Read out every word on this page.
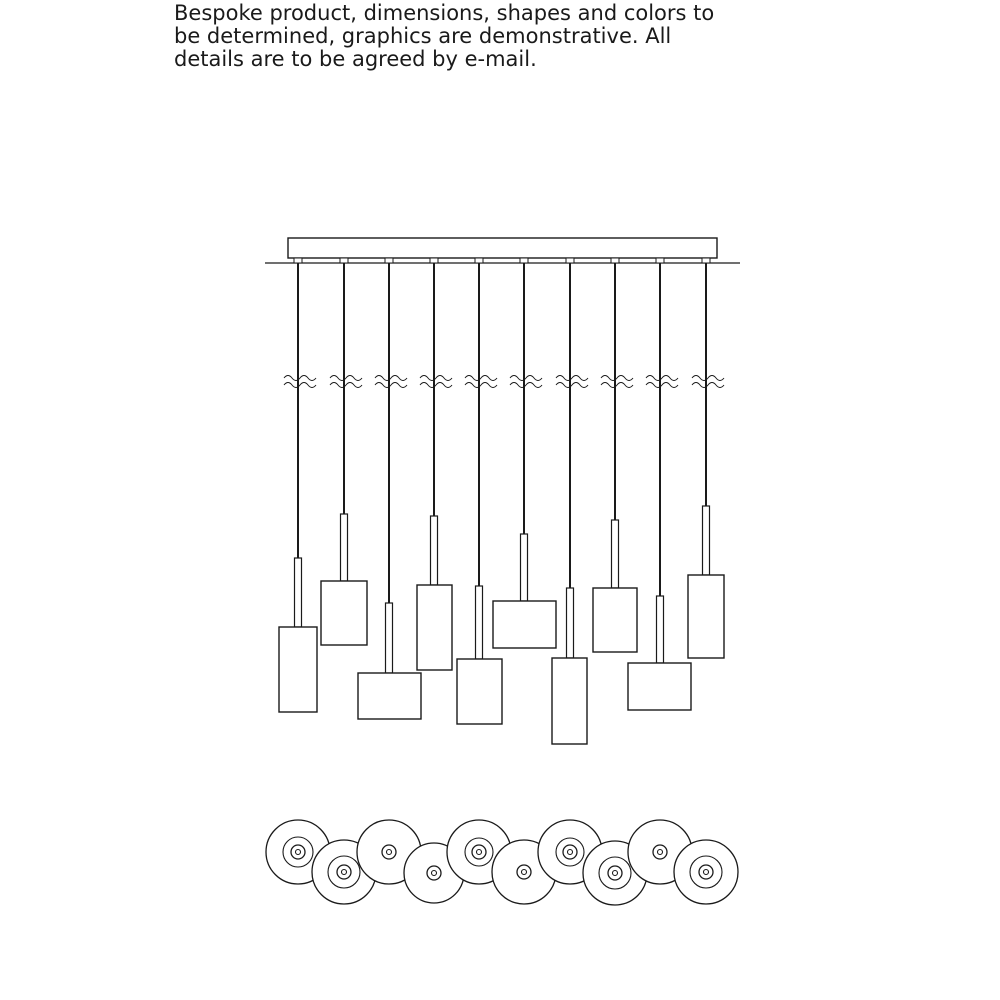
Bespoke product, dimensions, shapes and colors to
be determined, graphics are demonstrative. All
details are to be agreed by e-mail.
